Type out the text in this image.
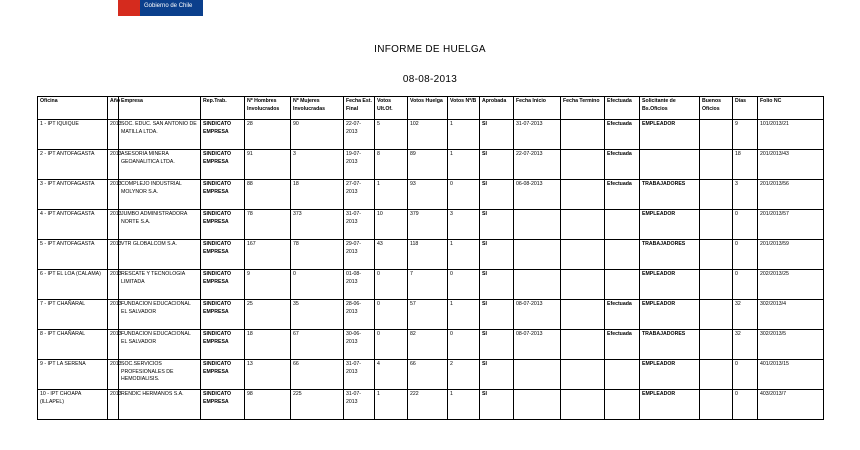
Gobierno de Chile
INFORME DE HUELGA
08-08-2013
Oficina	Año	Empresa	Rep.Trab.	Nº Hombres Involucrados	Nº Mujeres Involucradas	Fecha Est. Final	Votos Ult.Of.	Votos Huelga	Votos Nº/B	Aprobada	Fecha Inicio	Fecha Termino	Efectuada	Solicitante de Bs.Oficios	Buenos Oficios	Días	Folio NC
1 - IPT IQUIQUE	2013	SOC. EDUC. SAN ANTONIO DE MATILLA LTDA.	SINDICATO EMPRESA	28	90	22-07-2013	5	102	1	SI	31-07-2013		Efectuada	EMPLEADOR		9	101/2013/21
2 - IPT ANTOFAGASTA	2013	ASESORIA MINERA GEOANALITICA LTDA.	SINDICATO EMPRESA	91	3	19-07-2013	8	89	1	SI	22-07-2013		Efectuada			18	201/2013/43
3 - IPT ANTOFAGASTA	2013	COMPLEJO INDUSTRIAL MOLYNOR S.A.	SINDICATO EMPRESA	88	18	27-07-2013	1	93	0	SI	06-08-2013		Efectuada	TRABAJADORES		3	201/2013/56
4 - IPT ANTOFAGASTA	2013	JUMBO ADMINISTRADORA NORTE S.A.	SINDICATO EMPRESA	78	373	31-07-2013	10	379	3	SI				EMPLEADOR		0	201/2013/57
5 - IPT ANTOFAGASTA	2013	VTR GLOBALCOM S.A.	SINDICATO EMPRESA	167	78	29-07-2013	43	118	1	SI				TRABAJADORES		0	201/2013/59
6 - IPT EL LOA (CALAMA)	2013	RESCATE Y TECNOLOGIA LIMITADA	SINDICATO EMPRESA	9	0	01-08-2013	0	7	0	SI				EMPLEADOR		0	202/2013/25
7 - IPT CHAÑARAL	2013	FUNDACION EDUCACIONAL EL SALVADOR	SINDICATO EMPRESA	25	35	28-06-2013	0	57	1	SI	08-07-2013		Efectuada	EMPLEADOR		32	302/2013/4
8 - IPT CHAÑARAL	2013	FUNDACION EDUCACIONAL EL SALVADOR	SINDICATO EMPRESA	18	67	30-06-2013	0	82	0	SI	08-07-2013		Efectuada	TRABAJADORES		32	302/2013/5
9 - IPT LA SERENA	2013	SOC.SERVICIOS PROFESIONALES DE HEMODIALISIS.	SINDICATO EMPRESA	13	66	31-07-2013	4	66	2	SI				EMPLEADOR		0	401/2013/15
10 - IPT CHOAPA (ILLAPEL)	2013	RENDIC HERMANOS S.A.	SINDICATO EMPRESA	98	225	31-07-2013	1	222	1	SI				EMPLEADOR		0	403/2013/7
